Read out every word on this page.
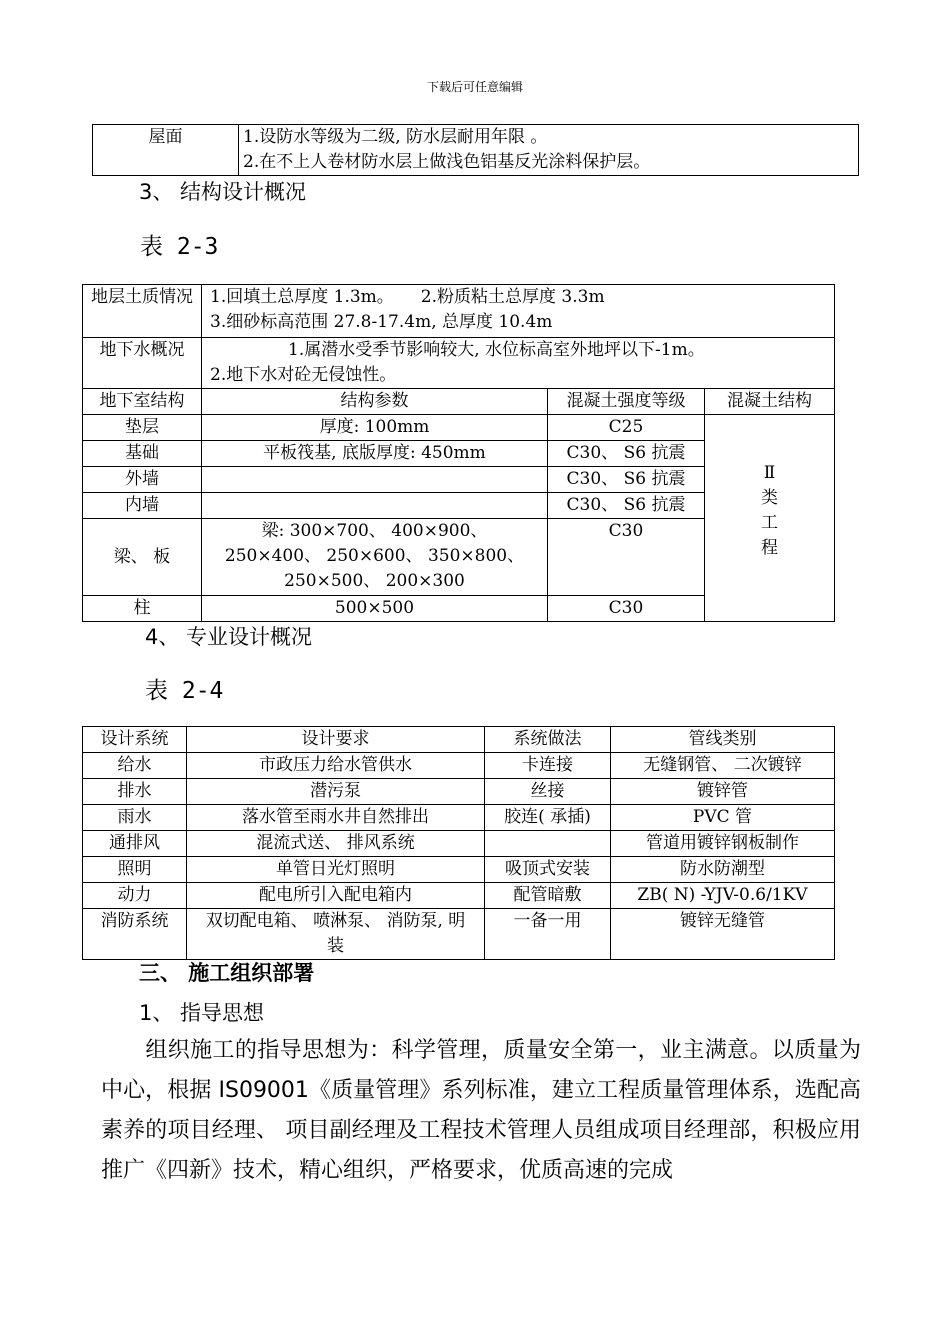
下载后可任意编辑
屋面	1.设防水等级为二级, 防水层耐用年限 。
2.在不上人卷材防水层上做浅色铝基反光涂料保护层。
3、 结构设计概况
表 2-3
地层土质情况	1.回填土总厚度 1.3m。     2.粉质粘土总厚度 3.3m
3.细砂标高范围 27.8-17.4m, 总厚度 10.4m		

地下水概况	1.属潜水受季节影响较大, 水位标高室外地坪以下-1m。
2.地下水对砼无侵蚀性。		

地下室结构	结构参数	混凝土强度等级	混凝土结构
垫层	厚度: 100mm	C25	Ⅱ类工程

基础	平板筏基, 底版厚度: 450mm	C30、 S6 抗震	
外墙		C30、 S6 抗震	
内墙		C30、 S6 抗震	
梁、 板	梁: 300×700、 400×900、 250×400、 250×600、 350×800、 250×500、 200×300	C30	
柱	500×500	C30	
4、 专业设计概况
表 2-4
设计系统	设计要求	系统做法	管线类别
给水	市政压力给水管供水	卡连接	无缝钢管、 二次镀锌
排水	潜污泵	丝接	镀锌管
雨水	落水管至雨水井自然排出	胶连( 承插)	PVC 管
通排风	混流式送、 排风系统		管道用镀锌钢板制作
照明	单管日光灯照明	吸顶式安装	防水防潮型
动力	配电所引入配电箱内	配管暗敷	ZB( N) -YJV-0.6/1KV
消防系统	双切配电箱、 喷淋泵、 消防泵, 明装	一备一用	镀锌无缝管
三、 施工组织部署
1、 指导思想
组织施工的指导思想为：科学管理，质量安全第一，业主满意。以质量为中心，根据 IS09001《质量管理》系列标准，建立工程质量管理体系，选配高素养的项目经理、 项目副经理及工程技术管理人员组成项目经理部，积极应用推广《四新》技术，精心组织，严格要求，优质高速的完成
